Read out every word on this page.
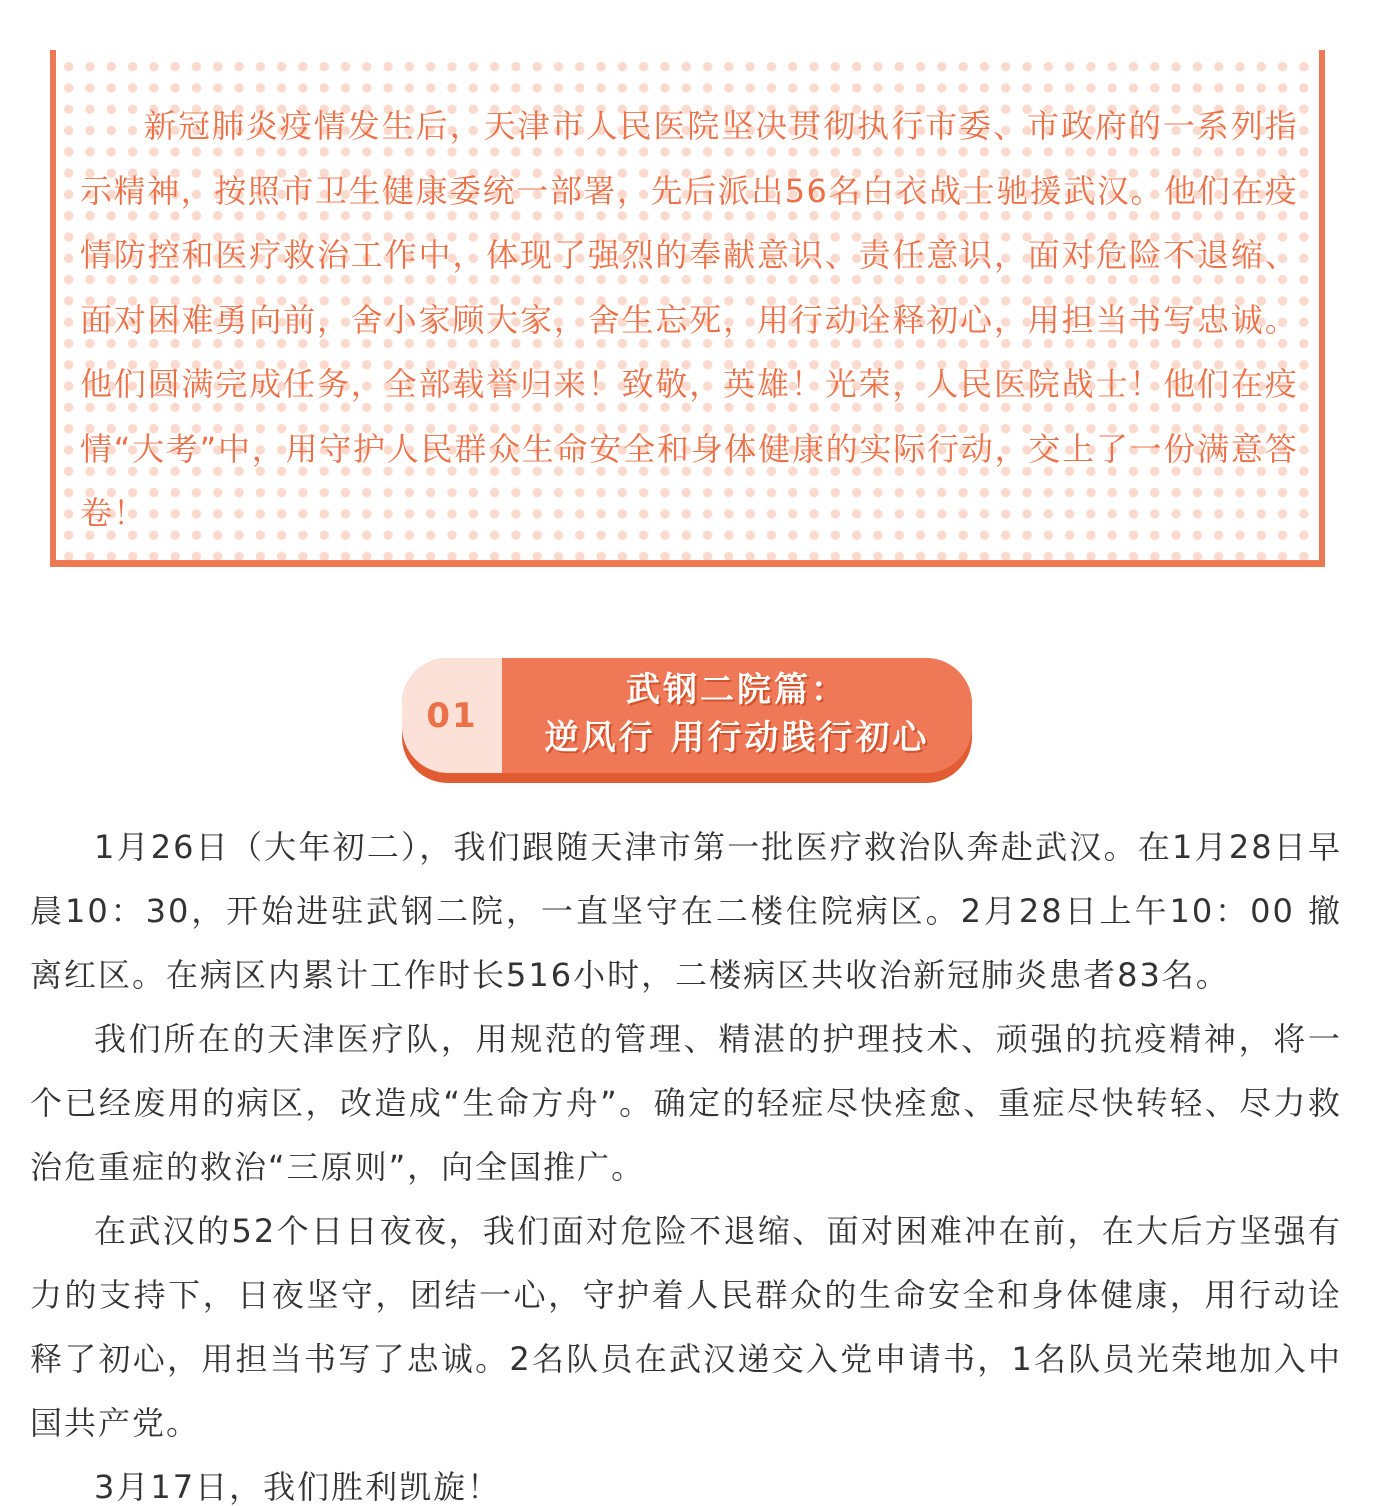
新冠肺炎疫情发生后，天津市人民医院坚决贯彻执行市委、市政府的一系列指示精神，按照市卫生健康委统一部署，先后派出56名白衣战士驰援武汉。他们在疫情防控和医疗救治工作中，体现了强烈的奉献意识、责任意识，面对危险不退缩、面对困难勇向前，舍小家顾大家，舍生忘死，用行动诠释初心，用担当书写忠诚。他们圆满完成任务，全部载誉归来！致敬，英雄！光荣，人民医院战士！他们在疫情“大考”中，用守护人民群众生命安全和身体健康的实际行动，交上了一份满意答卷！

01
武钢二院篇：
逆风行 用行动践行初心

1月26日（大年初二），我们跟随天津市第一批医疗救治队奔赴武汉。在1月28日早晨10：30，开始进驻武钢二院，一直坚守在二楼住院病区。2月28日上午10：00 撤离红区。在病区内累计工作时长516小时，二楼病区共收治新冠肺炎患者83名。

我们所在的天津医疗队，用规范的管理、精湛的护理技术、顽强的抗疫精神，将一个已经废用的病区，改造成“生命方舟”。确定的轻症尽快痊愈、重症尽快转轻、尽力救治危重症的救治“三原则”，向全国推广。

在武汉的52个日日夜夜，我们面对危险不退缩、面对困难冲在前，在大后方坚强有力的支持下，日夜坚守，团结一心，守护着人民群众的生命安全和身体健康，用行动诠释了初心，用担当书写了忠诚。2名队员在武汉递交入党申请书，1名队员光荣地加入中国共产党。

3月17日，我们胜利凯旋！
